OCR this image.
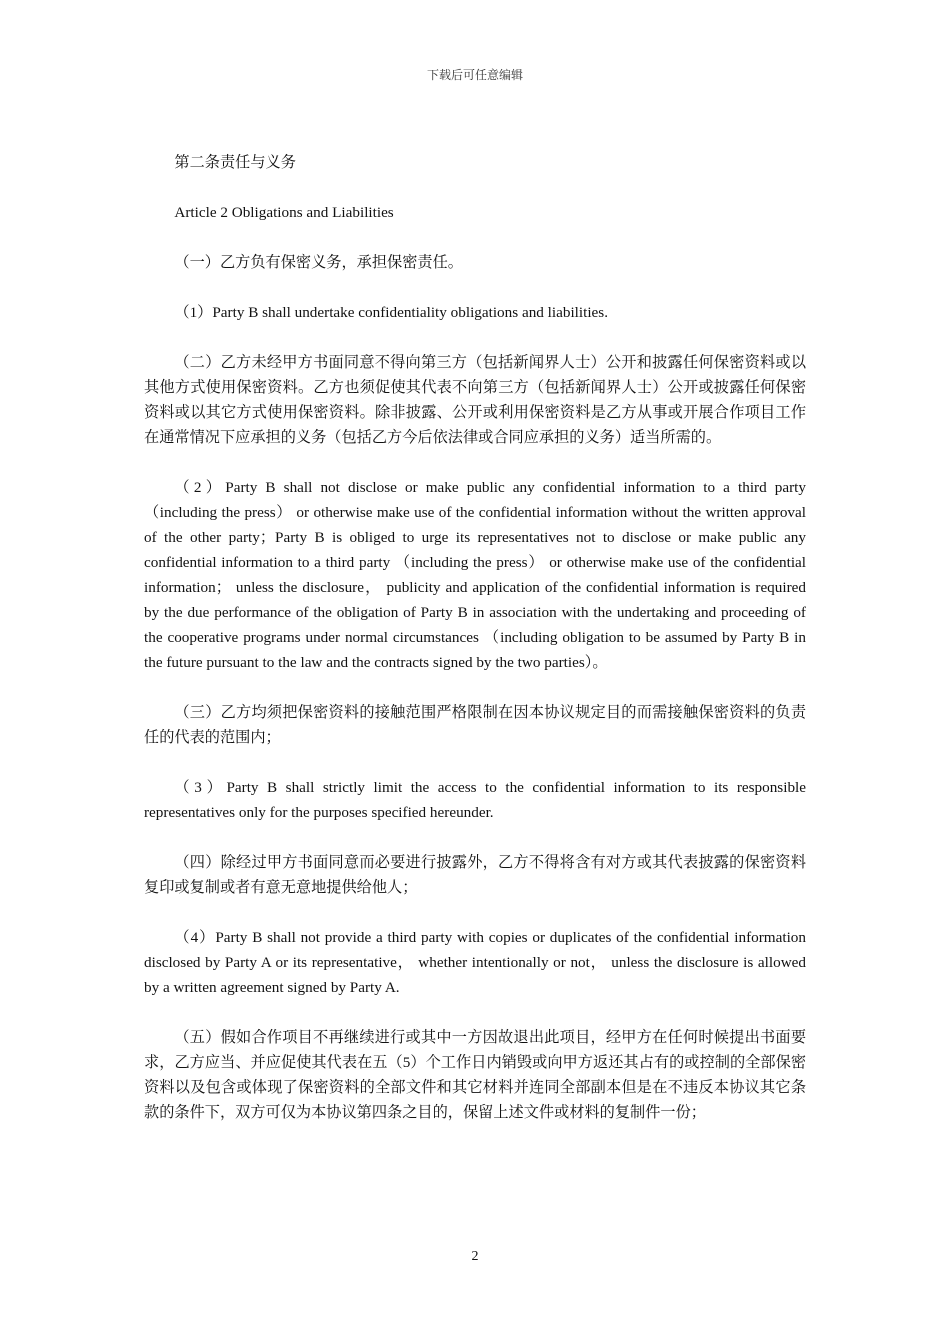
下载后可任意编辑

第二条责任与义务

Article 2 Obligations and Liabilities

（一）乙方负有保密义务，承担保密责任。

（1）Party B shall undertake confidentiality obligations and liabilities.

（二）乙方未经甲方书面同意不得向第三方（包括新闻界人士）公开和披露任何保密资料或以其他方式使用保密资料。乙方也须促使其代表不向第三方（包括新闻界人士）公开或披露任何保密资料或以其它方式使用保密资料。除非披露、公开或利用保密资料是乙方从事或开展合作项目工作在通常情况下应承担的义务（包括乙方今后依法律或合同应承担的义务）适当所需的。

（2）Party B shall not disclose or make public any confidential information to a third party （including the press） or otherwise make use of the confidential information without the written approval of the other party；Party B is obliged to urge its representatives not to disclose or make public any confidential information to a third party （including the press） or otherwise make use of the confidential information； unless the disclosure， publicity and application of the confidential information is required by the due performance of the obligation of Party B in association with the undertaking and proceeding of the cooperative programs under normal circumstances （including obligation to be assumed by Party B in the future pursuant to the law and the contracts signed by the two parties）。

（三）乙方均须把保密资料的接触范围严格限制在因本协议规定目的而需接触保密资料的负责任的代表的范围内；

（3）Party B shall strictly limit the access to the confidential information to its responsible representatives only for the purposes specified hereunder.

（四）除经过甲方书面同意而必要进行披露外，乙方不得将含有对方或其代表披露的保密资料复印或复制或者有意无意地提供给他人；

（4）Party B shall not provide a third party with copies or duplicates of the confidential information disclosed by Party A or its representative， whether intentionally or not， unless the disclosure is allowed by a written agreement signed by Party A.

（五）假如合作项目不再继续进行或其中一方因故退出此项目，经甲方在任何时候提出书面要求，乙方应当、并应促使其代表在五（5）个工作日内销毁或向甲方返还其占有的或控制的全部保密资料以及包含或体现了保密资料的全部文件和其它材料并连同全部副本但是在不违反本协议其它条款的条件下，双方可仅为本协议第四条之目的，保留上述文件或材料的复制件一份；

2
